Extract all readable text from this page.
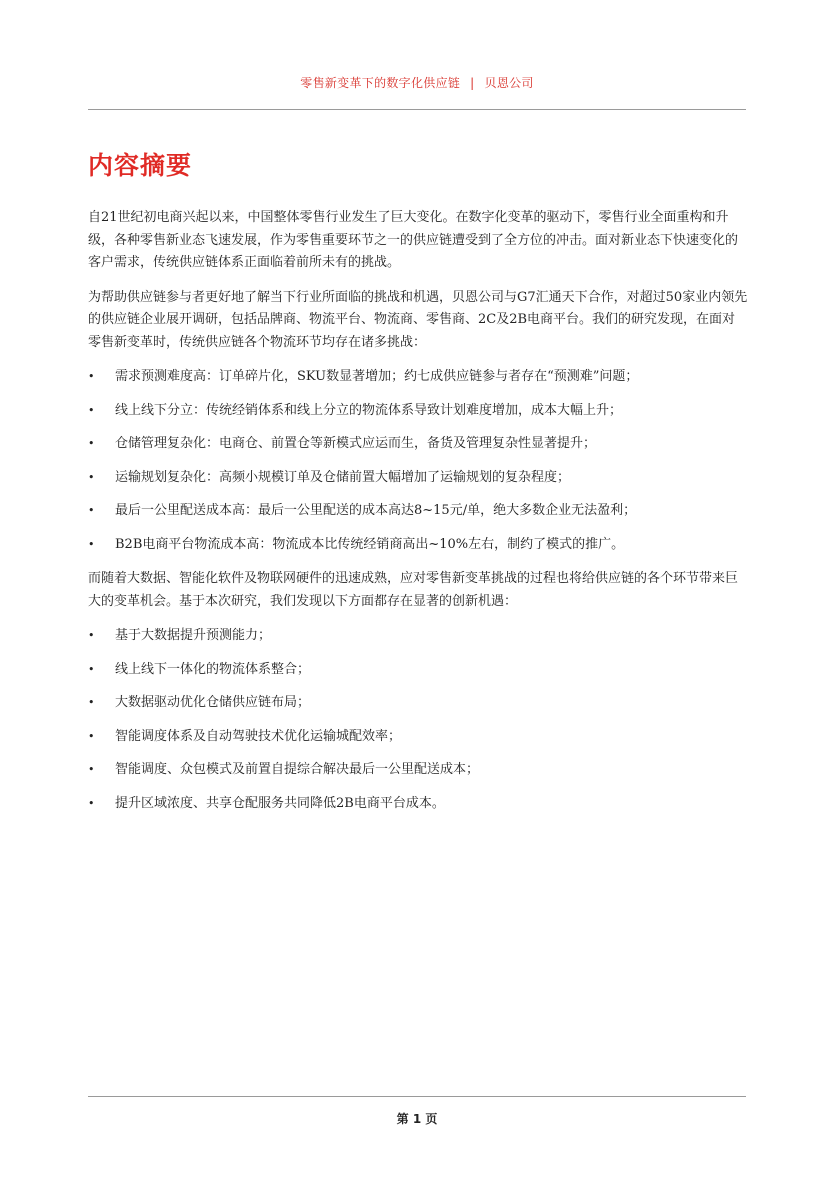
零售新变革下的数字化供应链 | 贝恩公司
内容摘要

自21世纪初电商兴起以来，中国整体零售行业发生了巨大变化。在数字化变革的驱动下，零售行业全面重构和升级，各种零售新业态飞速发展，作为零售重要环节之一的供应链遭受到了全方位的冲击。面对新业态下快速变化的客户需求，传统供应链体系正面临着前所未有的挑战。

为帮助供应链参与者更好地了解当下行业所面临的挑战和机遇，贝恩公司与G7汇通天下合作，对超过50家业内领先的供应链企业展开调研，包括品牌商、物流平台、物流商、零售商、2C及2B电商平台。我们的研究发现，在面对零售新变革时，传统供应链各个物流环节均存在诸多挑战：

• 需求预测难度高：订单碎片化，SKU数显著增加；约七成供应链参与者存在“预测难”问题；
• 线上线下分立：传统经销体系和线上分立的物流体系导致计划难度增加，成本大幅上升；
• 仓储管理复杂化：电商仓、前置仓等新模式应运而生，备货及管理复杂性显著提升；
• 运输规划复杂化：高频小规模订单及仓储前置大幅增加了运输规划的复杂程度；
• 最后一公里配送成本高：最后一公里配送的成本高达8~15元/单，绝大多数企业无法盈利；
• B2B电商平台物流成本高：物流成本比传统经销商高出~10%左右，制约了模式的推广。

而随着大数据、智能化软件及物联网硬件的迅速成熟，应对零售新变革挑战的过程也将给供应链的各个环节带来巨大的变革机会。基于本次研究，我们发现以下方面都存在显著的创新机遇：

• 基于大数据提升预测能力；
• 线上线下一体化的物流体系整合；
• 大数据驱动优化仓储供应链布局；
• 智能调度体系及自动驾驶技术优化运输城配效率；
• 智能调度、众包模式及前置自提综合解决最后一公里配送成本；
• 提升区域浓度、共享仓配服务共同降低2B电商平台成本。
第 1 页
